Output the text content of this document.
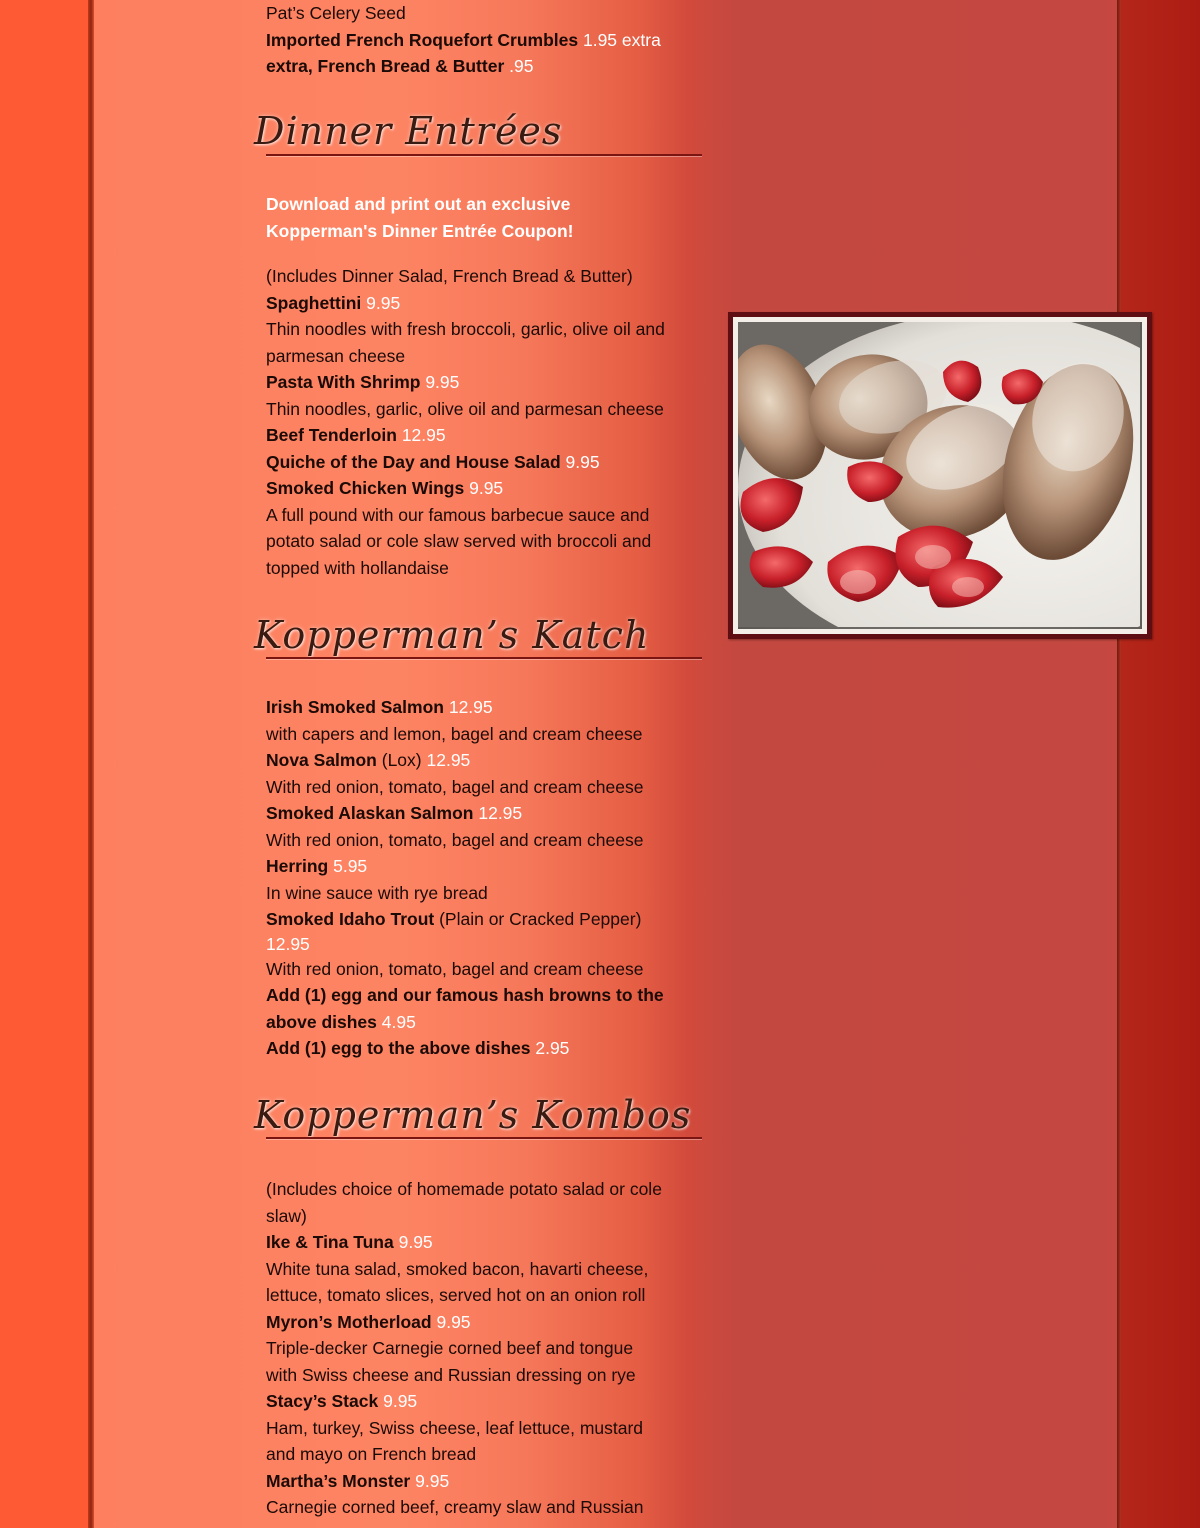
Dinner Entrées
Kopperman’s Katch
Kopperman’s Kombos
Pat’s Celery Seed
Imported French Roquefort Crumbles 1.95 extra
extra, French Bread & Butter .95
Download and print out an exclusive
Kopperman's Dinner Entrée Coupon!
(Includes Dinner Salad, French Bread & Butter)
Spaghettini 9.95
Thin noodles with fresh broccoli, garlic, olive oil and
parmesan cheese
Pasta With Shrimp 9.95
Thin noodles, garlic, olive oil and parmesan cheese
Beef Tenderloin 12.95
Quiche of the Day and House Salad 9.95
Smoked Chicken Wings 9.95
A full pound with our famous barbecue sauce and
potato salad or cole slaw served with broccoli and
topped with hollandaise
Irish Smoked Salmon 12.95
with capers and lemon, bagel and cream cheese
Nova Salmon (Lox) 12.95
With red onion, tomato, bagel and cream cheese
Smoked Alaskan Salmon 12.95
With red onion, tomato, bagel and cream cheese
Herring 5.95
In wine sauce with rye bread
Smoked Idaho Trout (Plain or Cracked Pepper)
12.95
With red onion, tomato, bagel and cream cheese
Add (1) egg and our famous hash browns to the
above dishes 4.95
Add (1) egg to the above dishes 2.95
(Includes choice of homemade potato salad or cole
slaw)
Ike & Tina Tuna 9.95
White tuna salad, smoked bacon, havarti cheese,
lettuce, tomato slices, served hot on an onion roll
Myron’s Motherload 9.95
Triple-decker Carnegie corned beef and tongue
with Swiss cheese and Russian dressing on rye
Stacy’s Stack 9.95
Ham, turkey, Swiss cheese, leaf lettuce, mustard
and mayo on French bread
Martha’s Monster 9.95
Carnegie corned beef, creamy slaw and Russian
